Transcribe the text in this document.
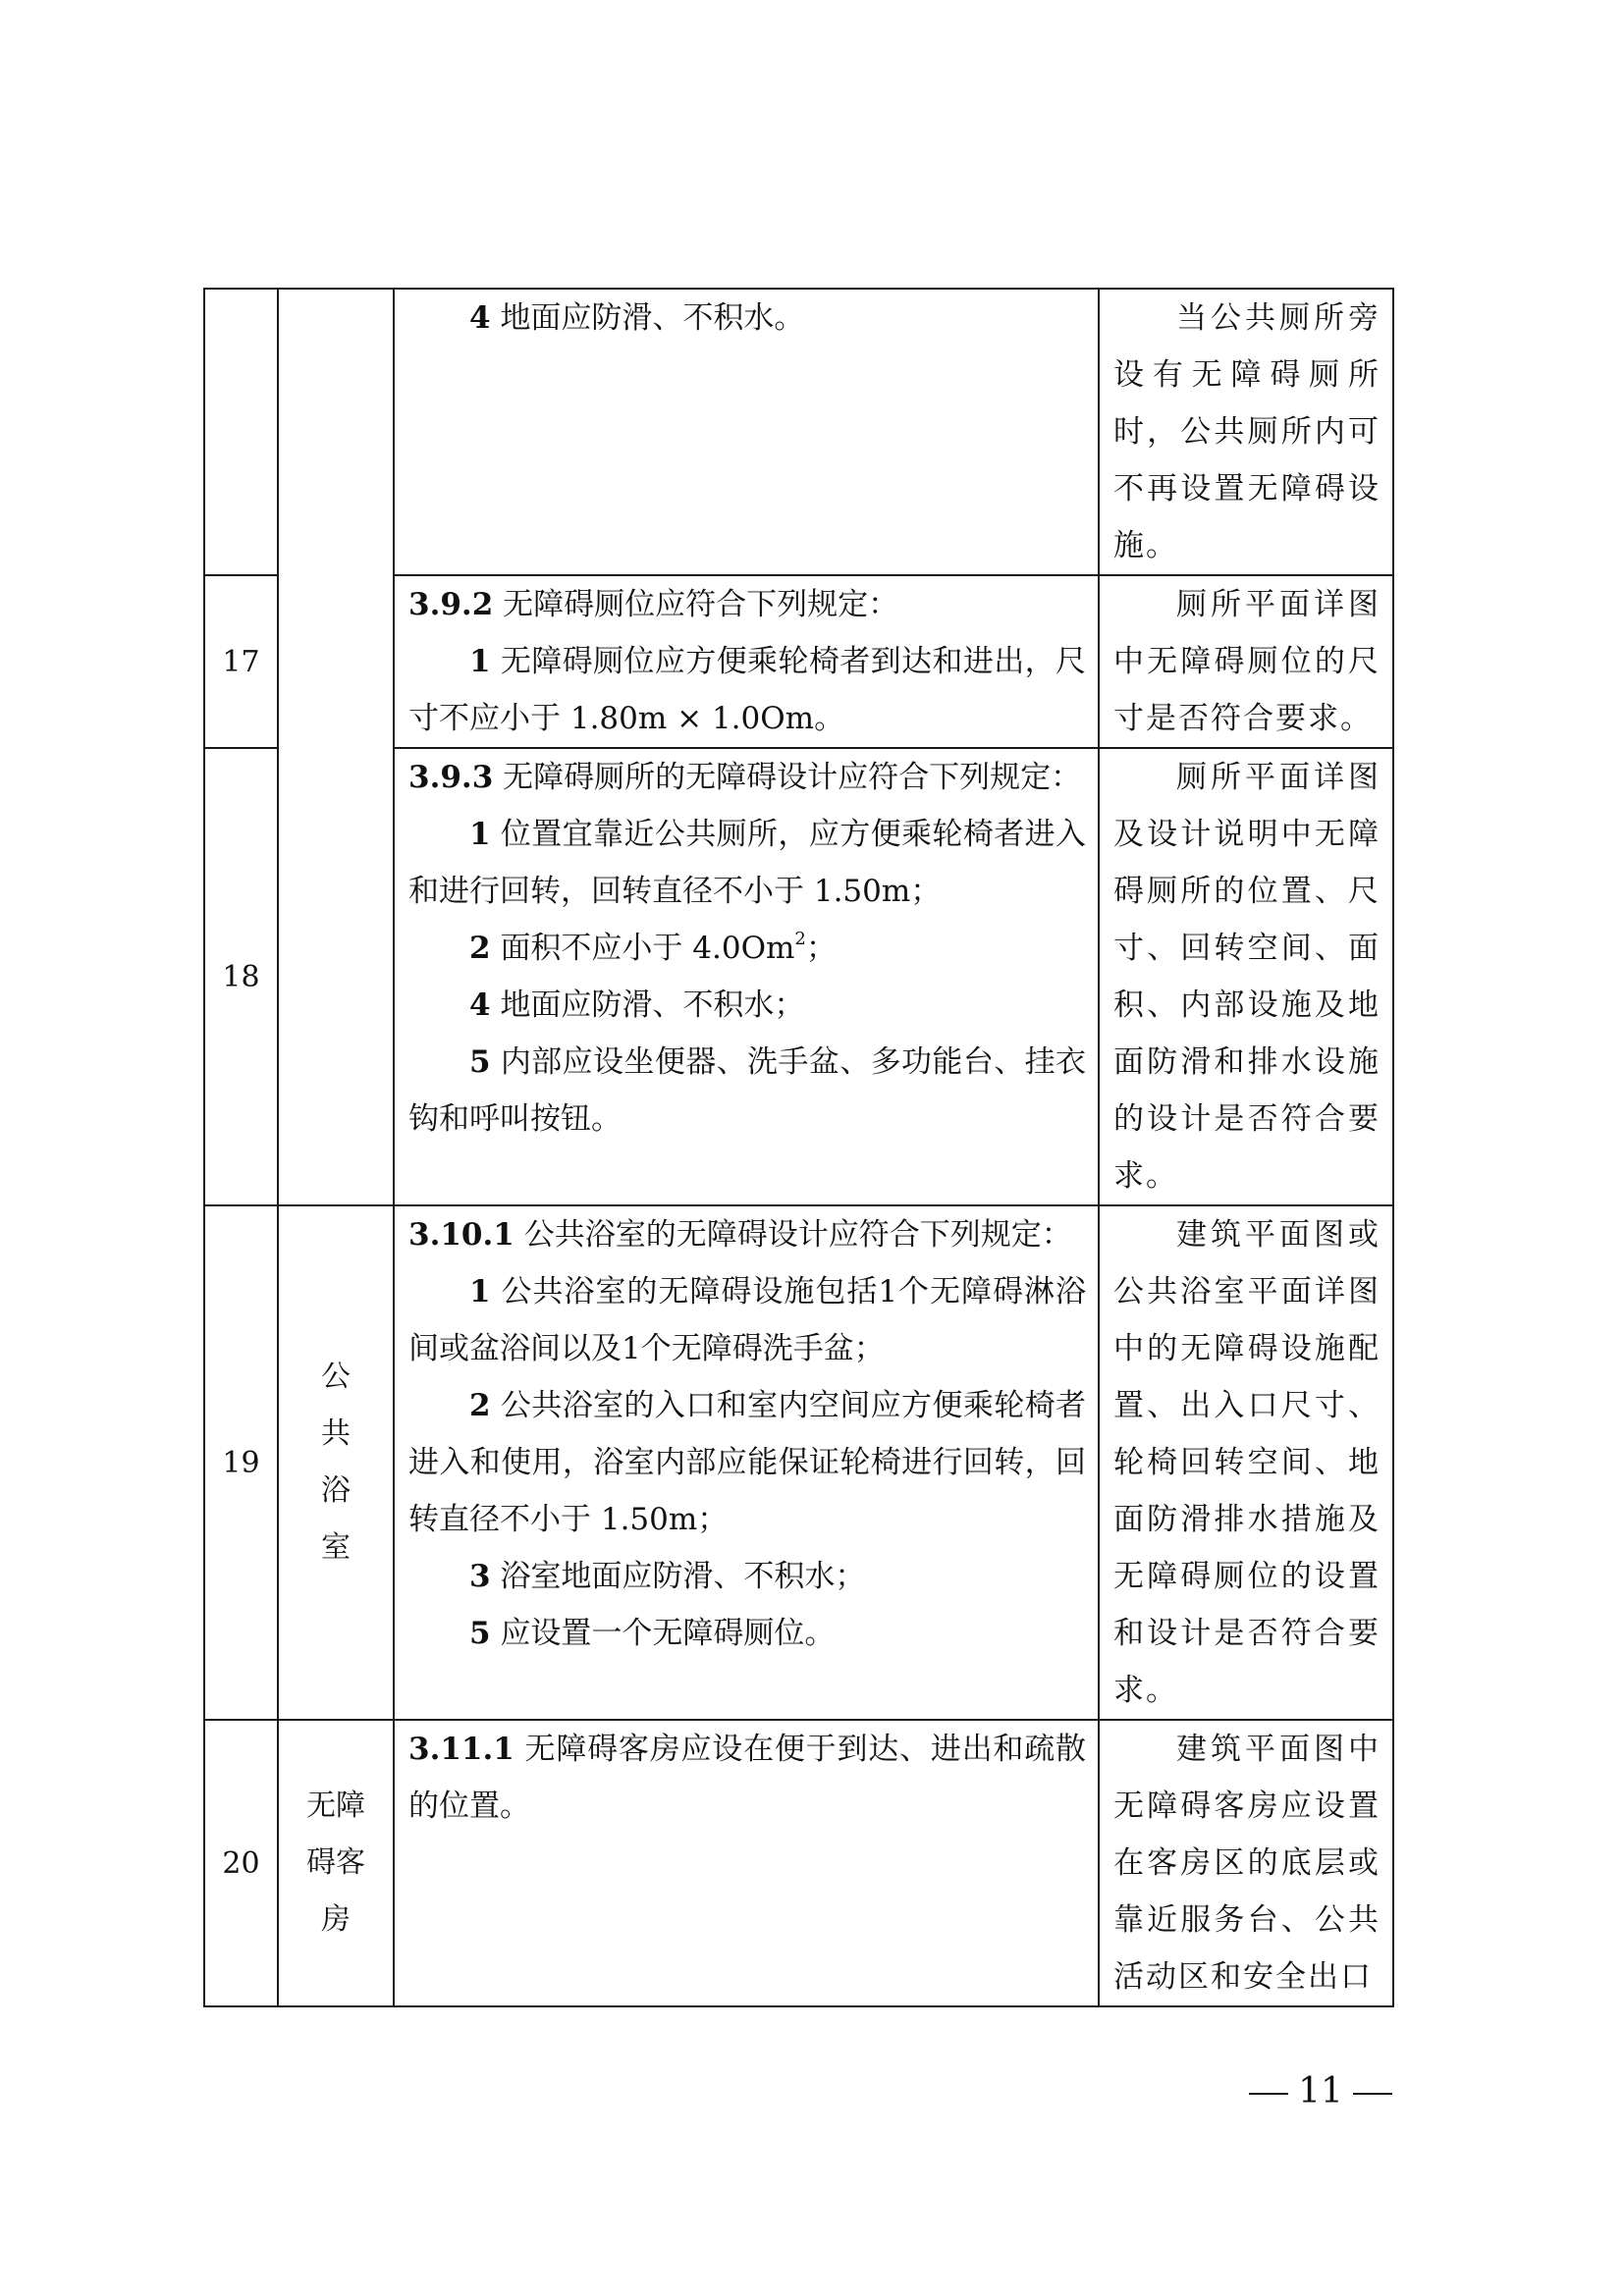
		4 地面应防滑、不积水。	当公共厕所旁设有无障碍厕所时，公共厕所内可不再设置无障碍设施。
17		3.9.2 无障碍厕位应符合下列规定：
1 无障碍厕位应方便乘轮椅者到达和进出，尺寸不应小于 1.80m × 1.0Om。	厕所平面详图中无障碍厕位的尺寸是否符合要求。
18		3.9.3 无障碍厕所的无障碍设计应符合下列规定：
1 位置宜靠近公共厕所，应方便乘轮椅者进入和进行回转，回转直径不小于 1.50m；
2 面积不应小于 4.0Om$^2$；
4 地面应防滑、不积水；
5 内部应设坐便器、洗手盆、多功能台、挂衣钩和呼叫按钮。	厕所平面详图及设计说明中无障碍厕所的位置、尺寸、回转空间、面积、内部设施及地面防滑和排水设施的设计是否符合要求。
19	公共浴室	3.10.1 公共浴室的无障碍设计应符合下列规定：
1 公共浴室的无障碍设施包括1个无障碍淋浴间或盆浴间以及1个无障碍洗手盆；
2 公共浴室的入口和室内空间应方便乘轮椅者进入和使用，浴室内部应能保证轮椅进行回转，回转直径不小于 1.50m；
3 浴室地面应防滑、不积水；
5 应设置一个无障碍厕位。	建筑平面图或公共浴室平面详图中的无障碍设施配置、出入口尺寸、轮椅回转空间、地面防滑排水措施及无障碍厕位的设置和设计是否符合要求。
20	无障碍客房	3.11.1 无障碍客房应设在便于到达、进出和疏散的位置。	建筑平面图中无障碍客房应设置在客房区的底层或靠近服务台、公共活动区和安全出口
11
